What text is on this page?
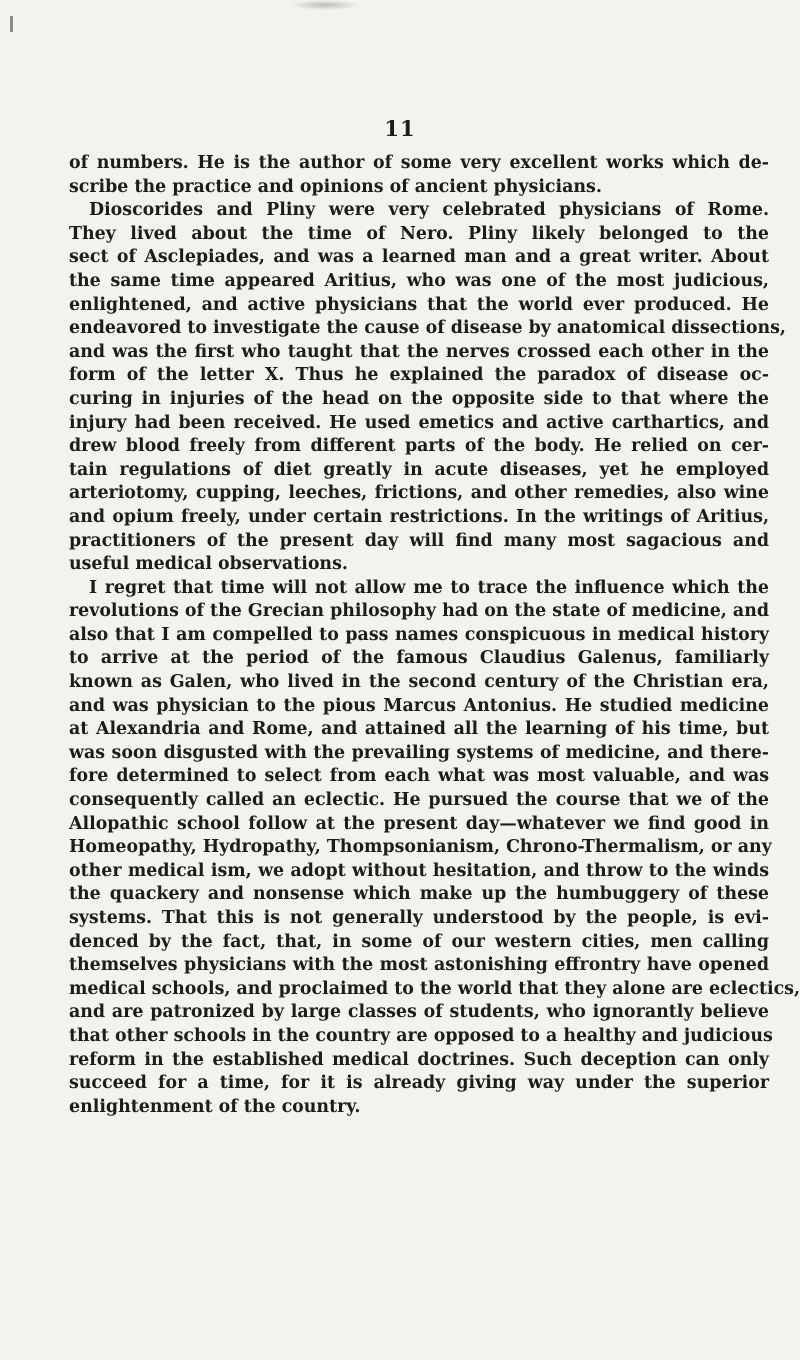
11
of numbers. He is the author of some very excellent works which de-
scribe the practice and opinions of ancient physicians.
Dioscorides and Pliny were very celebrated physicians of Rome.
They lived about the time of Nero. Pliny likely belonged to the
sect of Asclepiades, and was a learned man and a great writer. About
the same time appeared Aritius, who was one of the most judicious,
enlightened, and active physicians that the world ever produced. He
endeavored to investigate the cause of disease by anatomical dissections,
and was the first who taught that the nerves crossed each other in the
form of the letter X. Thus he explained the paradox of disease oc-
curing in injuries of the head on the opposite side to that where the
injury had been received. He used emetics and active carthartics, and
drew blood freely from different parts of the body. He relied on cer-
tain regulations of diet greatly in acute diseases, yet he employed
arteriotomy, cupping, leeches, frictions, and other remedies, also wine
and opium freely, under certain restrictions. In the writings of Aritius,
practitioners of the present day will find many most sagacious and
useful medical observations.
I regret that time will not allow me to trace the influence which the
revolutions of the Grecian philosophy had on the state of medicine, and
also that I am compelled to pass names conspicuous in medical history
to arrive at the period of the famous Claudius Galenus, familiarly
known as Galen, who lived in the second century of the Christian era,
and was physician to the pious Marcus Antonius. He studied medicine
at Alexandria and Rome, and attained all the learning of his time, but
was soon disgusted with the prevailing systems of medicine, and there-
fore determined to select from each what was most valuable, and was
consequently called an eclectic. He pursued the course that we of the
Allopathic school follow at the present day—whatever we find good in
Homeopathy, Hydropathy, Thompsonianism, Chrono-Thermalism, or any
other medical ism, we adopt without hesitation, and throw to the winds
the quackery and nonsense which make up the humbuggery of these
systems. That this is not generally understood by the people, is evi-
denced by the fact, that, in some of our western cities, men calling
themselves physicians with the most astonishing effrontry have opened
medical schools, and proclaimed to the world that they alone are eclectics,
and are patronized by large classes of students, who ignorantly believe
that other schools in the country are opposed to a healthy and judicious
reform in the established medical doctrines. Such deception can only
succeed for a time, for it is already giving way under the superior
enlightenment of the country.
